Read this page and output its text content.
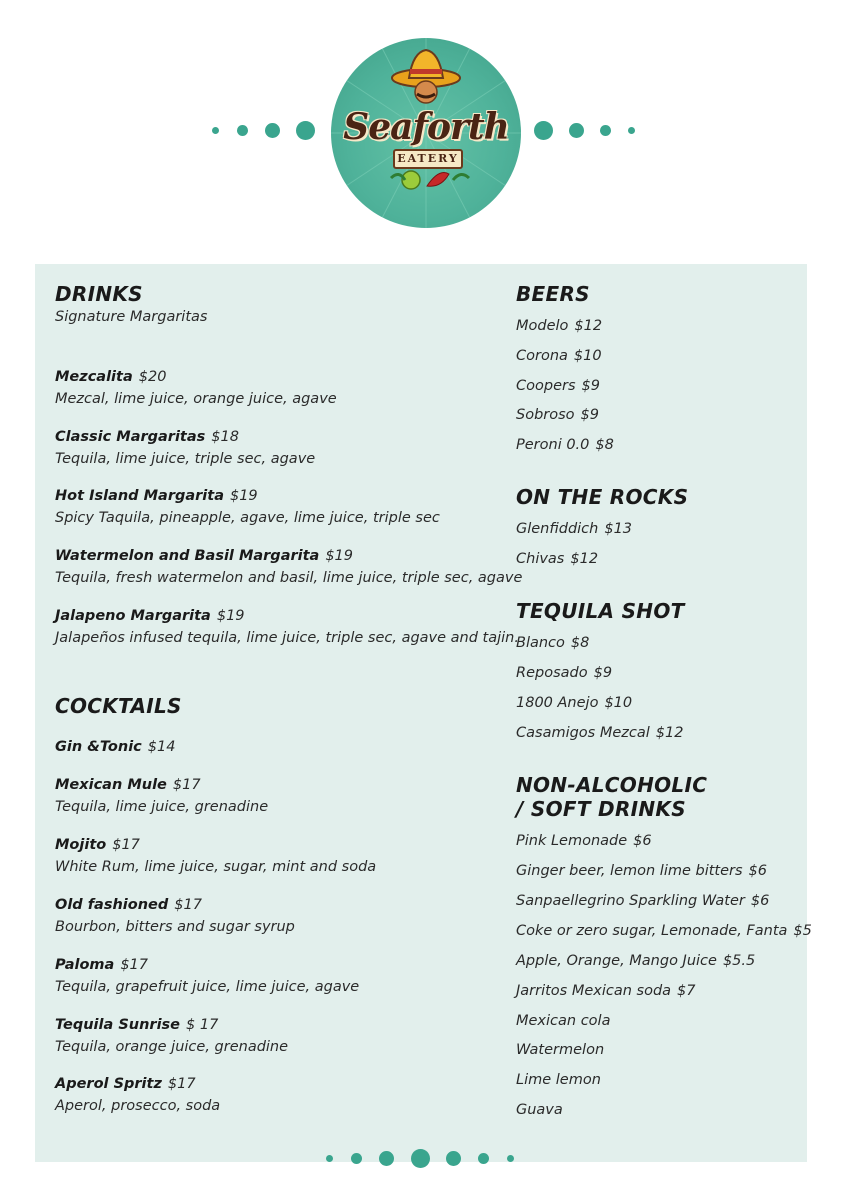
Seaforth
EATERY
DRINKS
Signature Margaritas
Mezcalita $20
Mezcal, lime juice, orange juice, agave
Classic Margaritas $18
Tequila, lime juice, triple sec, agave
Hot Island Margarita $19
Spicy Taquila, pineapple, agave, lime juice, triple sec
Watermelon and Basil Margarita $19
Tequila, fresh watermelon and basil, lime juice, triple sec, agave
Jalapeno Margarita $19
Jalapeños infused tequila, lime juice, triple sec, agave and tajin.
COCKTAILS
Gin &Tonic $14
Mexican Mule $17
Tequila, lime juice, grenadine
Mojito $17
White Rum, lime juice, sugar, mint and soda
Old fashioned $17
Bourbon, bitters and sugar syrup
Paloma $17
Tequila, grapefruit juice, lime juice, agave
Tequila Sunrise $ 17
Tequila, orange juice, grenadine
Aperol Spritz $17
Aperol, prosecco, soda
BEERS
Modelo $12
Corona $10
Coopers $9
Sobroso $9
Peroni 0.0 $8
ON THE ROCKS
Glenfiddich $13
Chivas $12
TEQUILA SHOT
Blanco $8
Reposado $9
1800 Anejo $10
Casamigos Mezcal $12
NON-ALCOHOLIC
/ SOFT DRINKS
Pink Lemonade $6
Ginger beer, lemon lime bitters $6
Sanpaellegrino Sparkling Water $6
Coke or zero sugar, Lemonade, Fanta $5
Apple, Orange, Mango Juice $5.5
Jarritos Mexican soda $7
Mexican cola
Watermelon
Lime lemon
Guava
